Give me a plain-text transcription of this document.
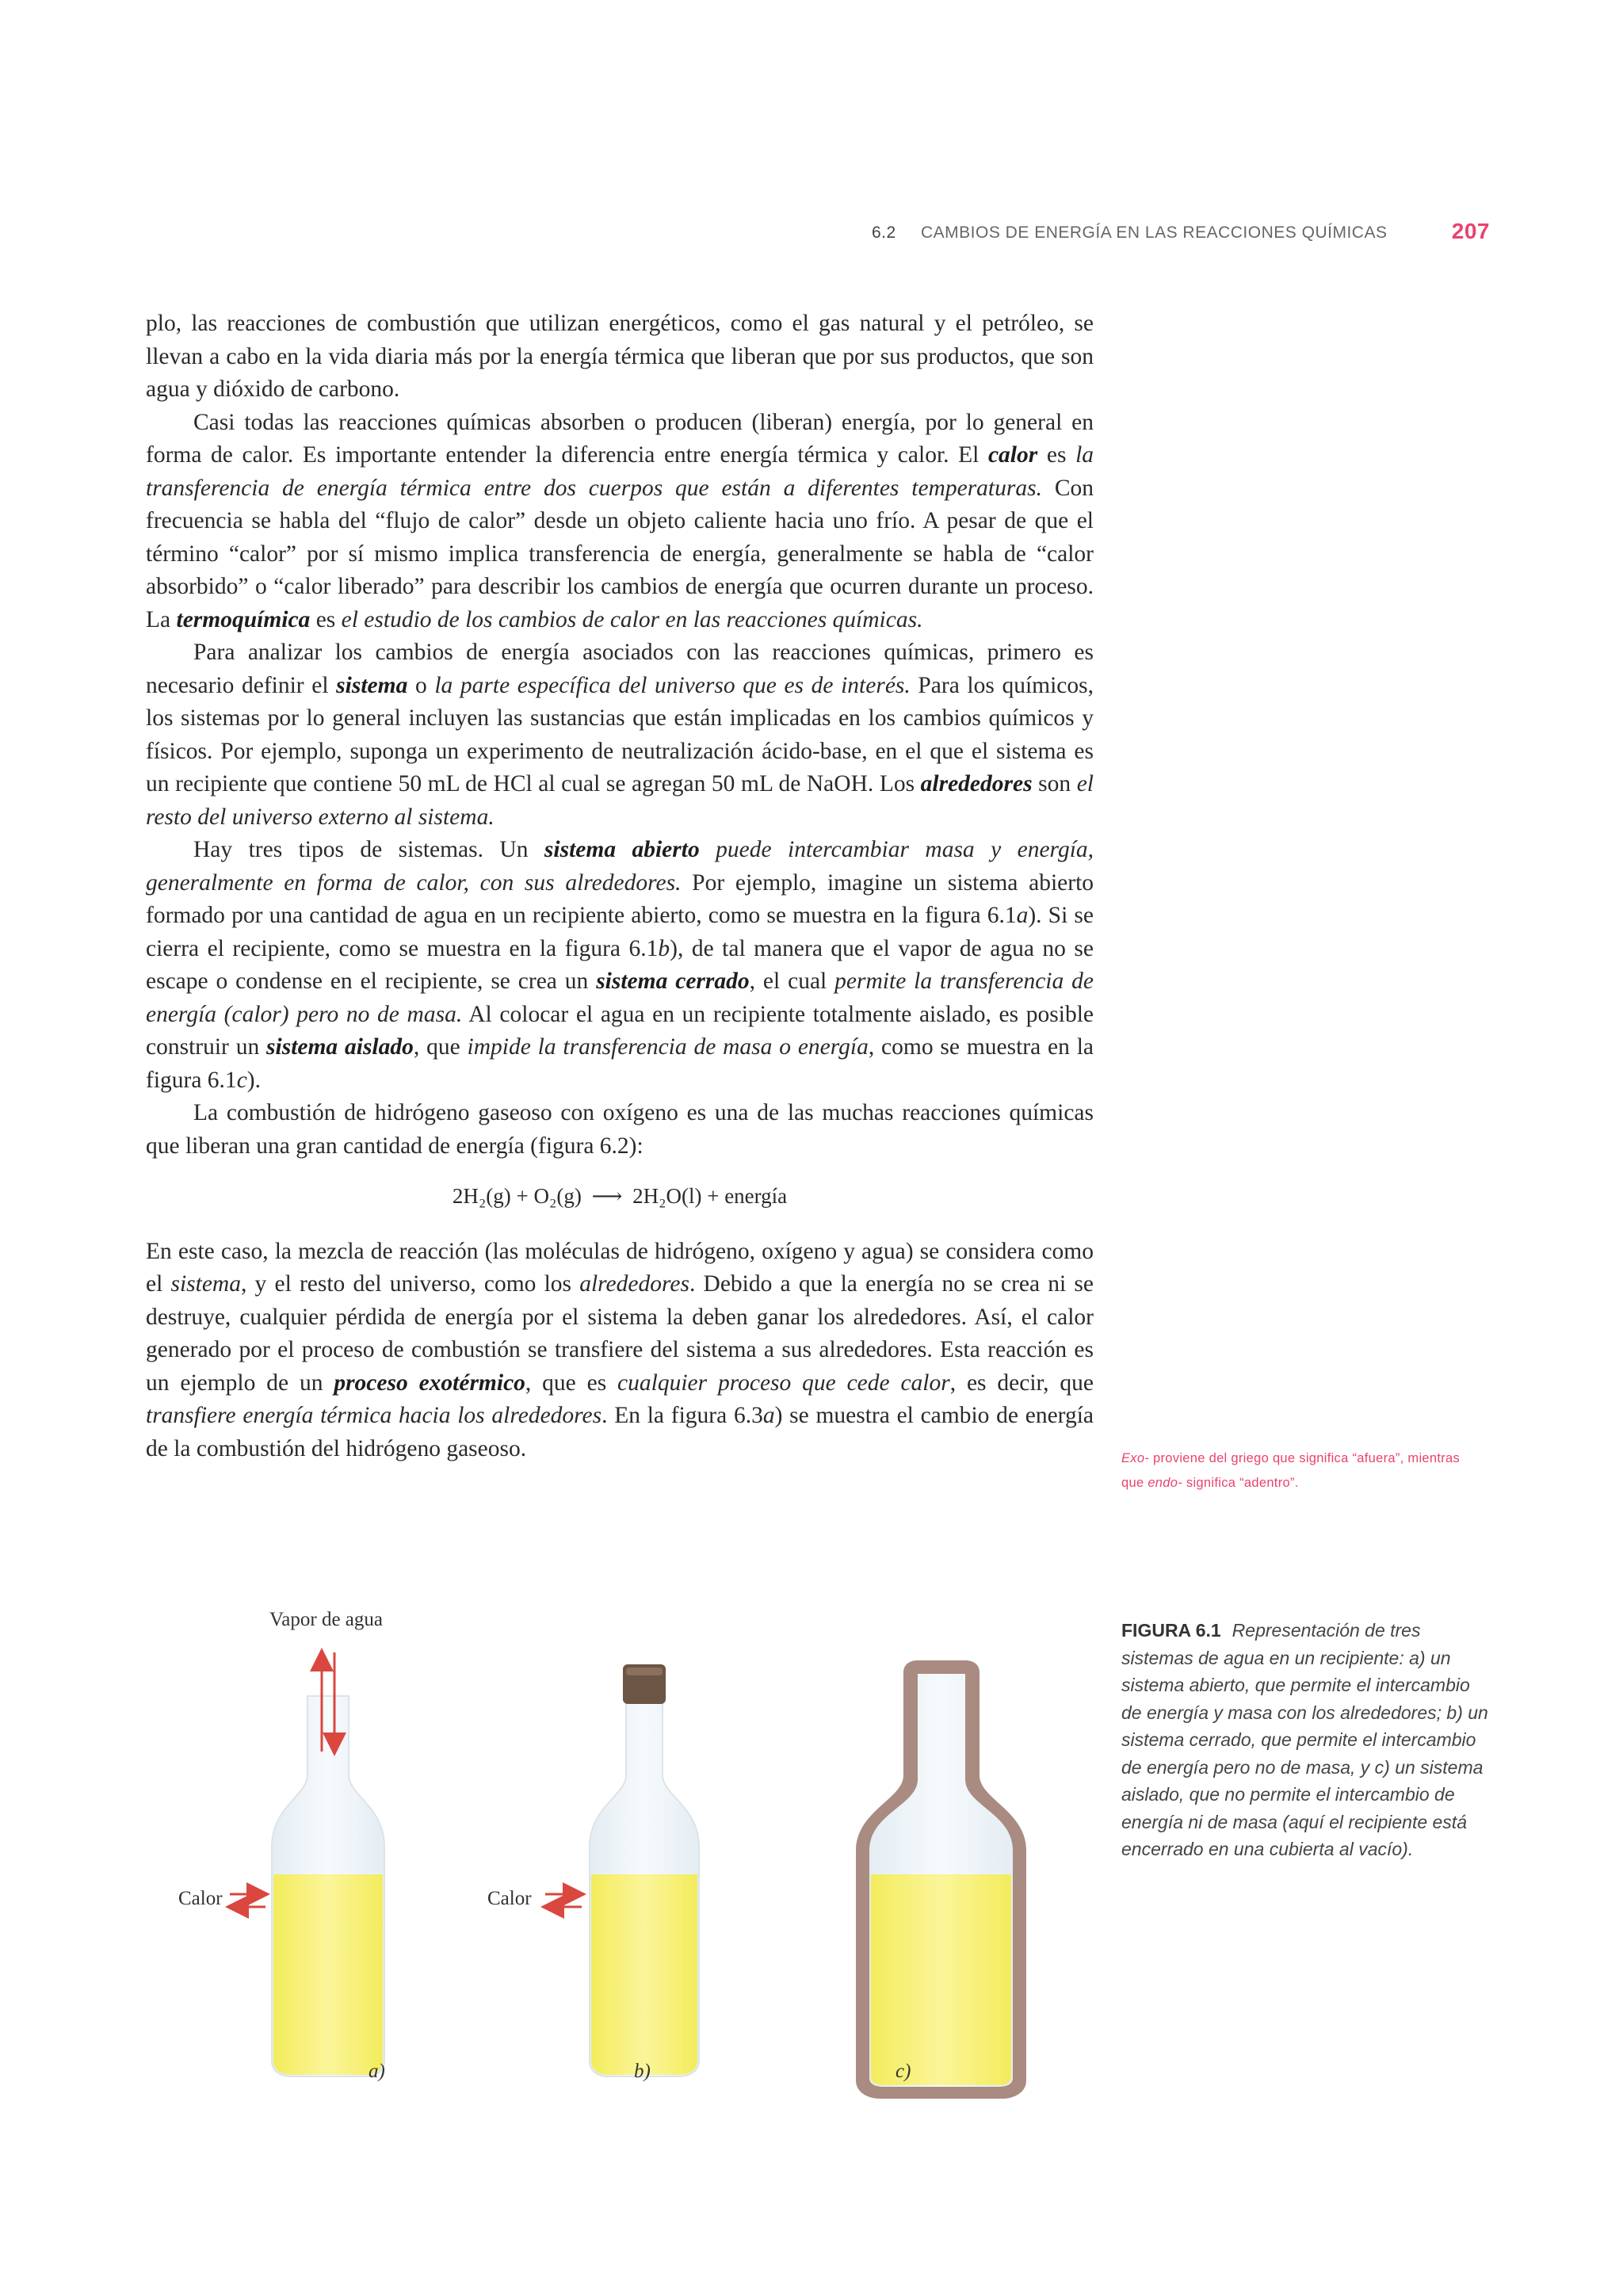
6.2 CAMBIOS DE ENERGÍA EN LAS REACCIONES QUÍMICAS	207

plo, las reacciones de combustión que utilizan energéticos, como el gas natural y el petróleo, se llevan a cabo en la vida diaria más por la energía térmica que liberan que por sus productos, que son agua y dióxido de carbono.

Casi todas las reacciones químicas absorben o producen (liberan) energía, por lo general en forma de calor. Es importante entender la diferencia entre energía térmica y calor. El calor es la transferencia de energía térmica entre dos cuerpos que están a diferentes temperaturas. Con frecuencia se habla del “flujo de calor” desde un objeto caliente hacia uno frío. A pesar de que el término “calor” por sí mismo implica transferencia de energía, generalmente se habla de “calor absorbido” o “calor liberado” para describir los cambios de energía que ocurren durante un proceso. La termoquímica es el estudio de los cambios de calor en las reacciones químicas.

Para analizar los cambios de energía asociados con las reacciones químicas, primero es necesario definir el sistema o la parte específica del universo que es de interés. Para los químicos, los sistemas por lo general incluyen las sustancias que están implicadas en los cambios químicos y físicos. Por ejemplo, suponga un experimento de neutralización ácido-base, en el que el sistema es un recipiente que contiene 50 mL de HCl al cual se agregan 50 mL de NaOH. Los alrededores son el resto del universo externo al sistema.

Hay tres tipos de sistemas. Un sistema abierto puede intercambiar masa y energía, generalmente en forma de calor, con sus alrededores. Por ejemplo, imagine un sistema abierto formado por una cantidad de agua en un recipiente abierto, como se muestra en la figura 6.1a). Si se cierra el recipiente, como se muestra en la figura 6.1b), de tal manera que el vapor de agua no se escape o condense en el recipiente, se crea un sistema cerrado, el cual permite la transferencia de energía (calor) pero no de masa. Al colocar el agua en un recipiente totalmente aislado, es posible construir un sistema aislado, que impide la transferencia de masa o energía, como se muestra en la figura 6.1c).

La combustión de hidrógeno gaseoso con oxígeno es una de las muchas reacciones químicas que liberan una gran cantidad de energía (figura 6.2):

2H₂(g) + O₂(g) ⟶ 2H₂O(l) + energía

En este caso, la mezcla de reacción (las moléculas de hidrógeno, oxígeno y agua) se considera como el sistema, y el resto del universo, como los alrededores. Debido a que la energía no se crea ni se destruye, cualquier pérdida de energía por el sistema la deben ganar los alrededores. Así, el calor generado por el proceso de combustión se transfiere del sistema a sus alrededores. Esta reacción es un ejemplo de un proceso exotérmico, que es cualquier proceso que cede calor, es decir, que transfiere energía térmica hacia los alrededores. En la figura 6.3a) se muestra el cambio de energía de la combustión del hidrógeno gaseoso.	Exo- proviene del griego que significa “afuera”, mientras que endo- significa “adentro”.
FIGURA 6.1 Representación de tres sistemas de agua en un recipiente: a) un sistema abierto, que permite el intercambio de energía y masa con los alrededores; b) un sistema cerrado, que permite el intercambio de energía pero no de masa, y c) un sistema aislado, que no permite el intercambio de energía ni de masa (aquí el recipiente está encerrado en una cubierta al vacío).
Vapor de agua
Calor	Calor
a)	b)	c)
